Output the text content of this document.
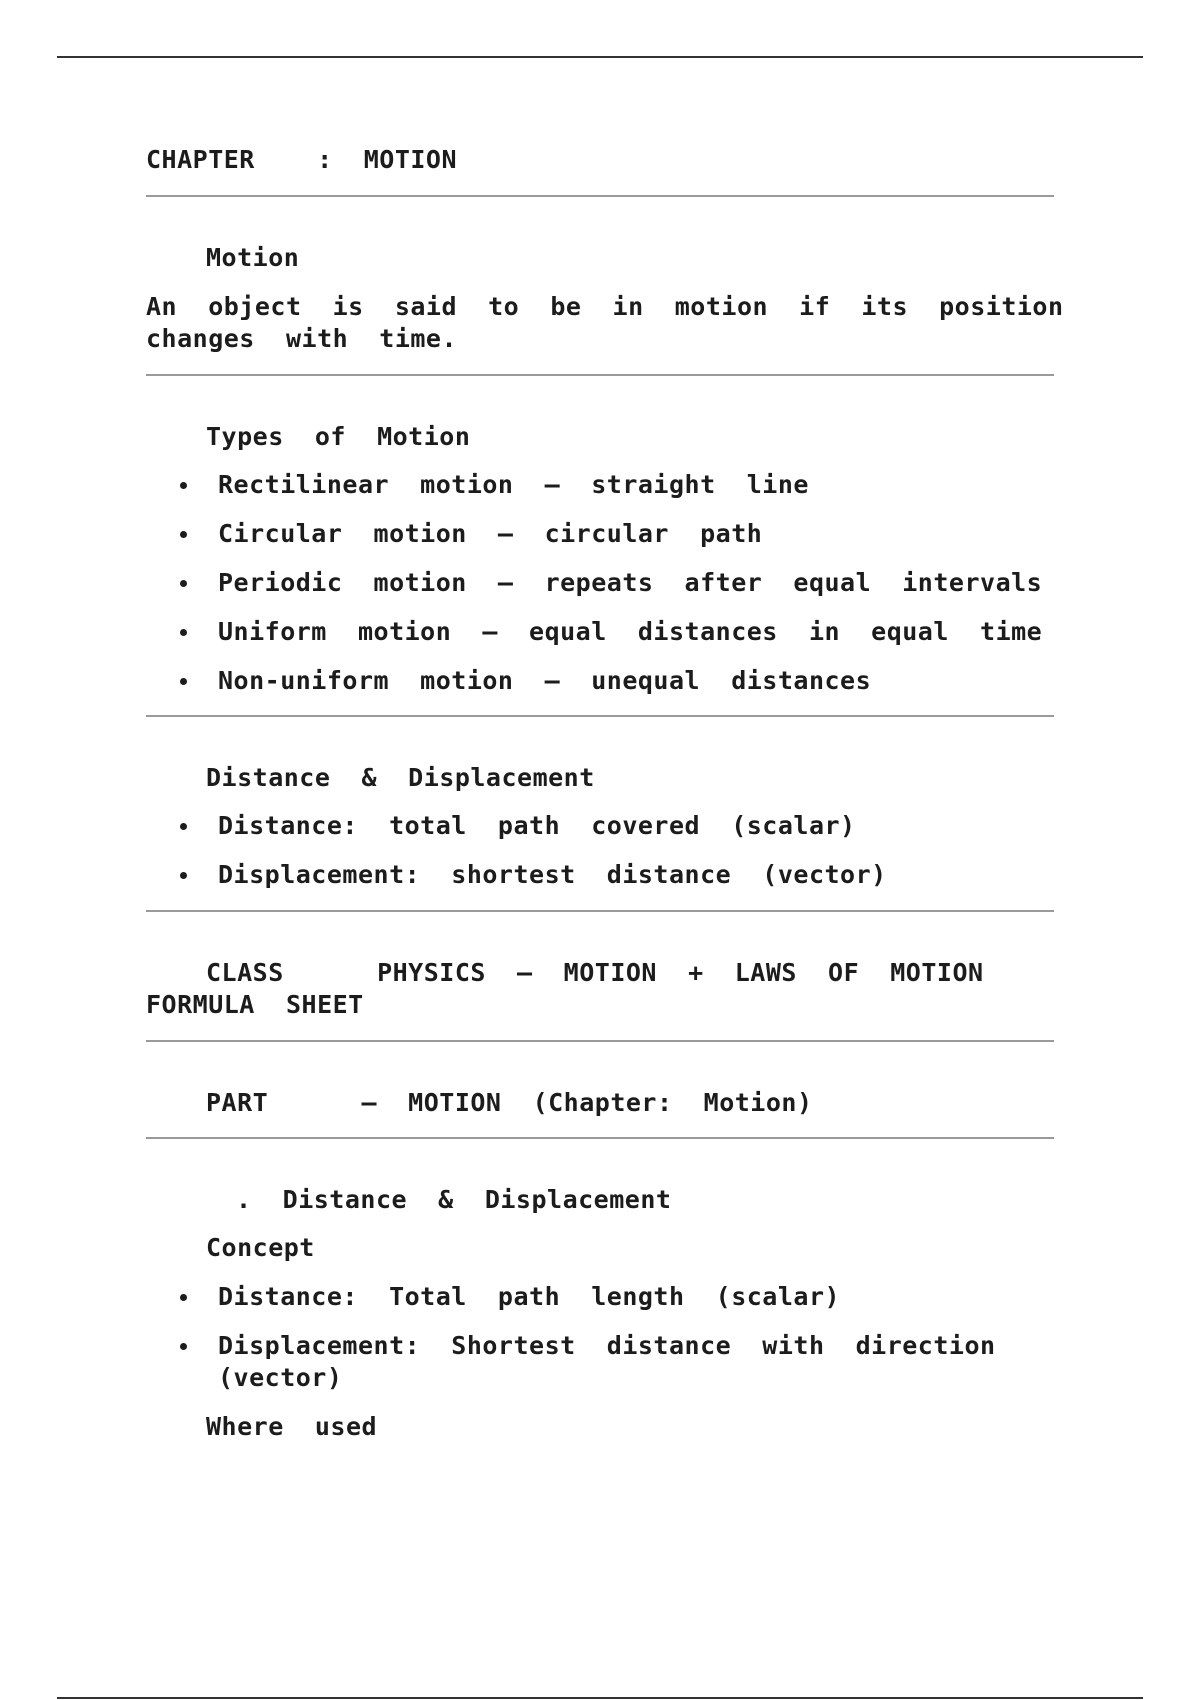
CHAPTER    :  MOTION
Motion
An  object  is  said  to  be  in  motion  if  its  position
changes  with  time.
Types  of  Motion
Rectilinear  motion  –  straight  line
Circular  motion  –  circular  path
Periodic  motion  –  repeats  after  equal  intervals
Uniform  motion  –  equal  distances  in  equal  time
Non-uniform  motion  –  unequal  distances
Distance  &  Displacement
Distance:  total  path  covered  (scalar)
Displacement:  shortest  distance  (vector)
CLASS      PHYSICS  –  MOTION  +  LAWS  OF  MOTION
FORMULA  SHEET
PART      –  MOTION  (Chapter:  Motion)
.  Distance  &  Displacement
Concept
Distance:  Total  path  length  (scalar)
Displacement:  Shortest  distance  with  direction
(vector)
Where  used
